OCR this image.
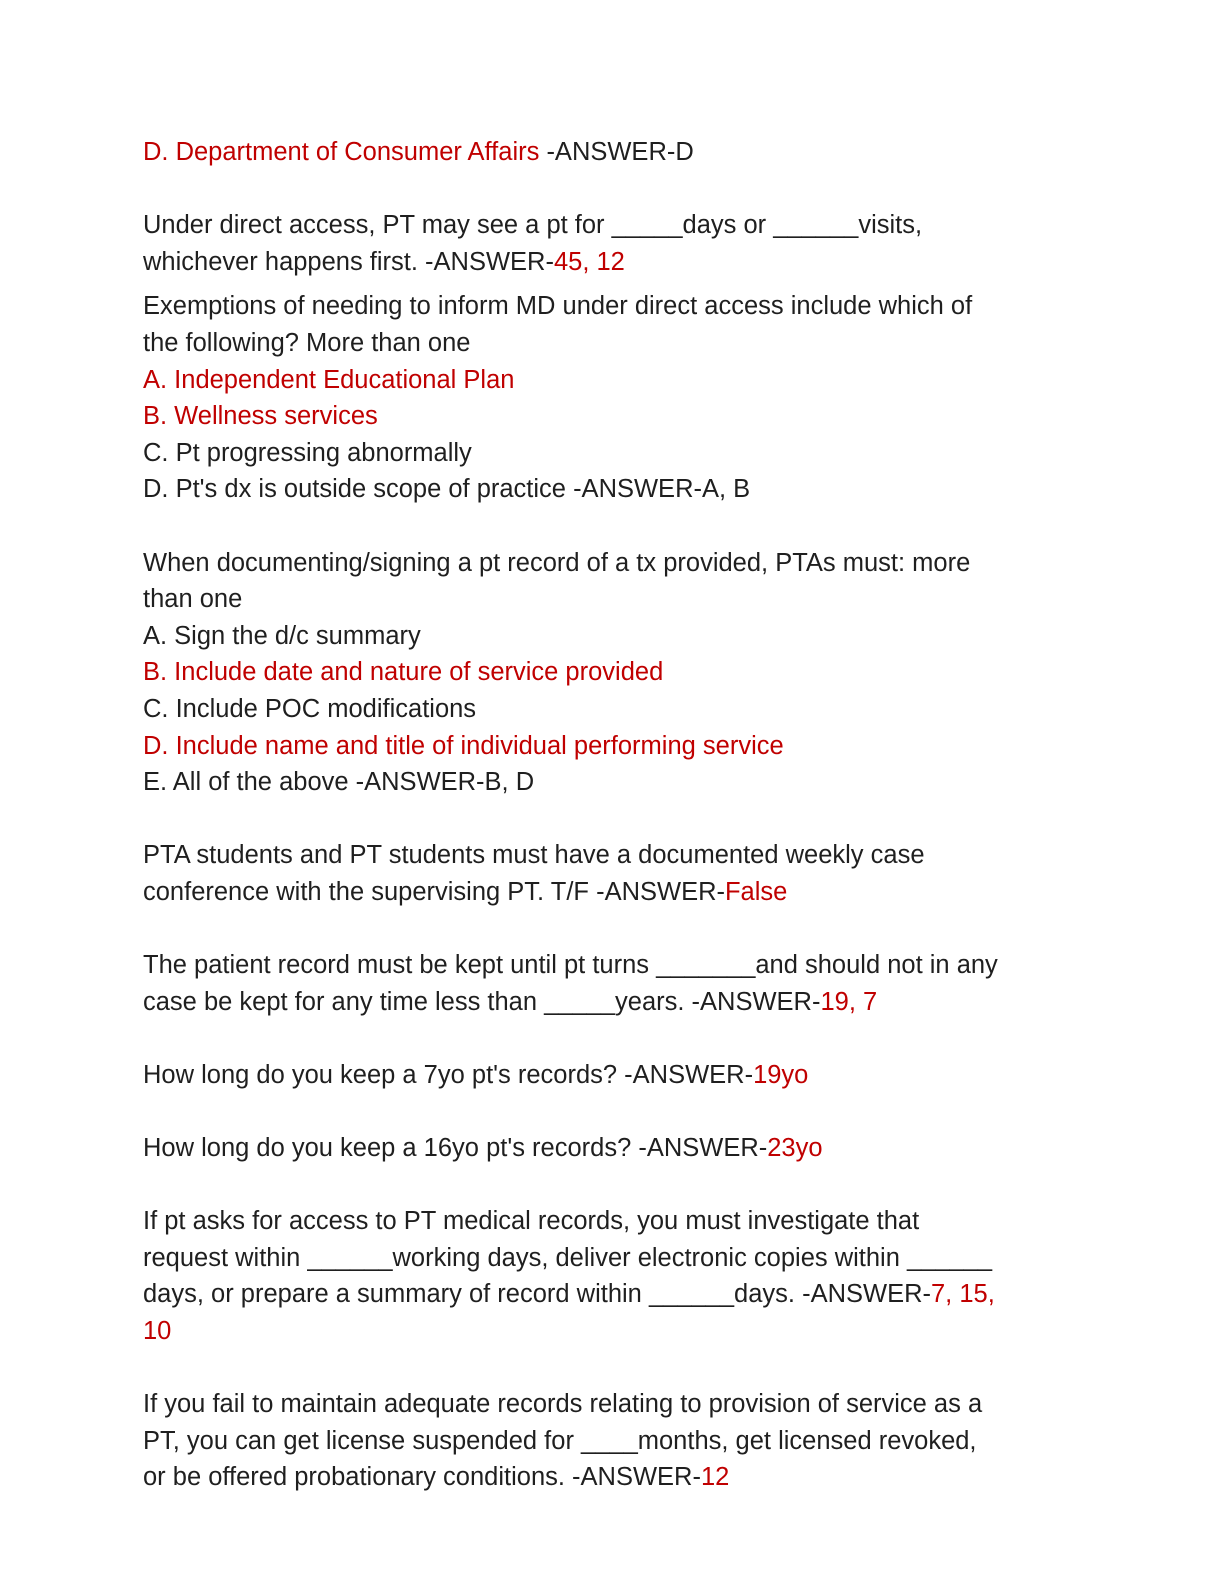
D. Department of Consumer Affairs -ANSWER-D
Under direct access, PT may see a pt for _____days or ______visits,
whichever happens first. -ANSWER-45, 12
Exemptions of needing to inform MD under direct access include which of
the following? More than one
A. Independent Educational Plan
B. Wellness services
C. Pt progressing abnormally
D. Pt's dx is outside scope of practice -ANSWER-A, B
When documenting/signing a pt record of a tx provided, PTAs must: more
than one
A. Sign the d/c summary
B. Include date and nature of service provided
C. Include POC modifications
D. Include name and title of individual performing service
E. All of the above -ANSWER-B, D
PTA students and PT students must have a documented weekly case
conference with the supervising PT. T/F -ANSWER-False
The patient record must be kept until pt turns _______and should not in any
case be kept for any time less than _____years. -ANSWER-19, 7
How long do you keep a 7yo pt's records? -ANSWER-19yo
How long do you keep a 16yo pt's records? -ANSWER-23yo
If pt asks for access to PT medical records, you must investigate that
request within ______working days, deliver electronic copies within ______
days, or prepare a summary of record within ______days. -ANSWER-7, 15,
10
If you fail to maintain adequate records relating to provision of service as a
PT, you can get license suspended for ____months, get licensed revoked,
or be offered probationary conditions. -ANSWER-12
